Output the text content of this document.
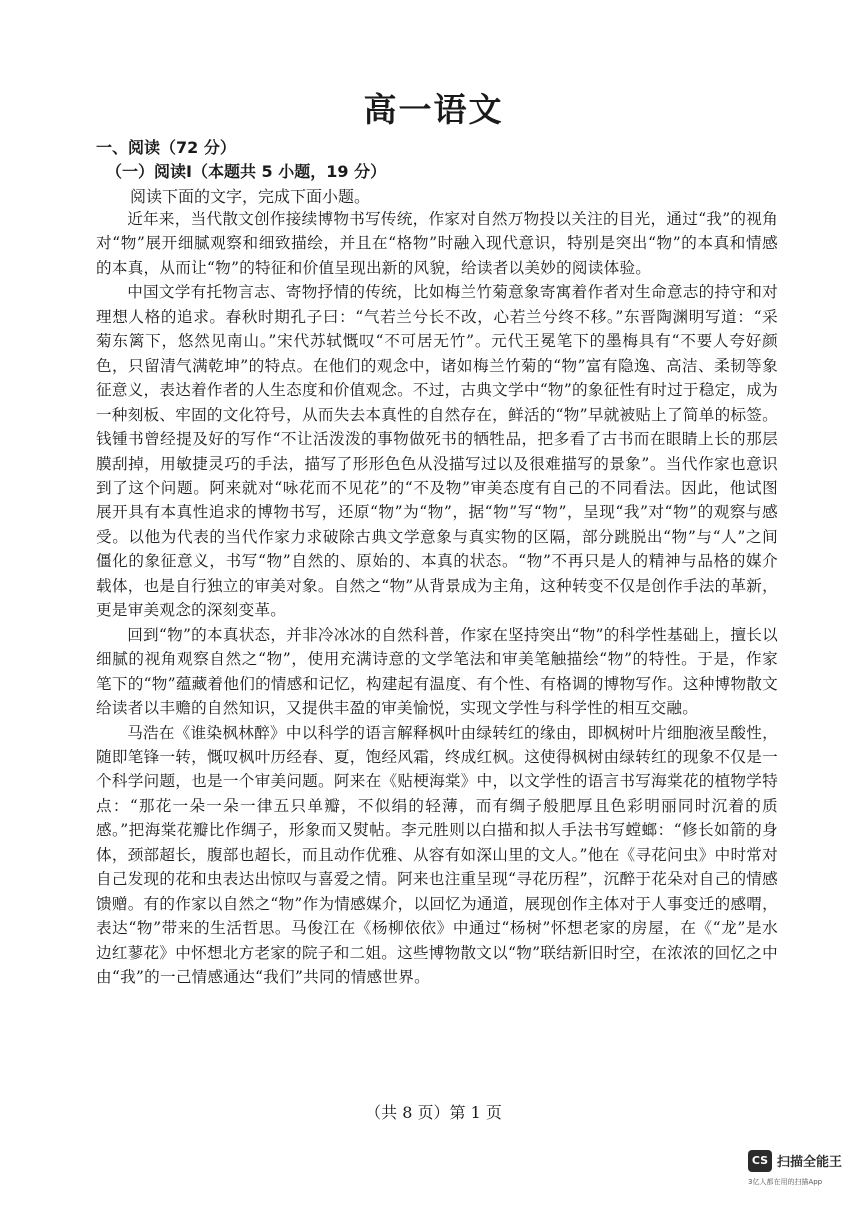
高一语文
一、阅读（72 分）
（一）阅读I（本题共 5 小题，19 分）
阅读下面的文字，完成下面小题。

近年来，当代散文创作接续博物书写传统，作家对自然万物投以关注的目光，通过“我”的视角对“物”展开细腻观察和细致描绘，并且在“格物”时融入现代意识，特别是突出“物”的本真和情感的本真，从而让“物”的特征和价值呈现出新的风貌，给读者以美妙的阅读体验。

中国文学有托物言志、寄物抒情的传统，比如梅兰竹菊意象寄寓着作者对生命意志的持守和对理想人格的追求。春秋时期孔子曰：“气若兰兮长不改，心若兰兮终不移。”东晋陶渊明写道：“采菊东篱下，悠然见南山。”宋代苏轼慨叹“不可居无竹”。元代王冕笔下的墨梅具有“不要人夸好颜色，只留清气满乾坤”的特点。在他们的观念中，诸如梅兰竹菊的“物”富有隐逸、高洁、柔韧等象征意义，表达着作者的人生态度和价值观念。不过，古典文学中“物”的象征性有时过于稳定，成为一种刻板、牢固的文化符号，从而失去本真性的自然存在，鲜活的“物”早就被贴上了简单的标签。钱锺书曾经提及好的写作“不让活泼泼的事物做死书的牺牲品，把多看了古书而在眼睛上长的那层膜刮掉，用敏捷灵巧的手法，描写了形形色色从没描写过以及很难描写的景象”。当代作家也意识到了这个问题。阿来就对“咏花而不见花”的“不及物”审美态度有自己的不同看法。因此，他试图展开具有本真性追求的博物书写，还原“物”为“物”，据“物”写“物”，呈现“我”对“物”的观察与感受。以他为代表的当代作家力求破除古典文学意象与真实物的区隔，部分跳脱出“物”与“人”之间僵化的象征意义，书写“物”自然的、原始的、本真的状态。“物”不再只是人的精神与品格的媒介载体，也是自行独立的审美对象。自然之“物”从背景成为主角，这种转变不仅是创作手法的革新，更是审美观念的深刻变革。

回到“物”的本真状态，并非冷冰冰的自然科普，作家在坚持突出“物”的科学性基础上，擅长以细腻的视角观察自然之“物”，使用充满诗意的文学笔法和审美笔触描绘“物”的特性。于是，作家笔下的“物”蕴藏着他们的情感和记忆，构建起有温度、有个性、有格调的博物写作。这种博物散文给读者以丰赡的自然知识，又提供丰盈的审美愉悦，实现文学性与科学性的相互交融。

马浩在《谁染枫林醉》中以科学的语言解释枫叶由绿转红的缘由，即枫树叶片细胞液呈酸性，随即笔锋一转，慨叹枫叶历经春、夏，饱经风霜，终成红枫。这使得枫树由绿转红的现象不仅是一个科学问题，也是一个审美问题。阿来在《贴梗海棠》中，以文学性的语言书写海棠花的植物学特点：“那花一朵一朵一律五只单瓣，不似绢的轻薄，而有绸子般肥厚且色彩明丽同时沉着的质感。”把海棠花瓣比作绸子，形象而又熨帖。李元胜则以白描和拟人手法书写螳螂：“修长如箭的身体，颈部超长，腹部也超长，而且动作优雅、从容有如深山里的文人。”他在《寻花问虫》中时常对自己发现的花和虫表达出惊叹与喜爱之情。阿来也注重呈现“寻花历程”，沉醉于花朵对自己的情感馈赠。有的作家以自然之“物”作为情感媒介，以回忆为通道，展现创作主体对于人事变迁的感喟，表达“物”带来的生活哲思。马俊江在《杨柳依依》中通过“杨树”怀想老家的房屋，在《“龙”是水边红蓼花》中怀想北方老家的院子和二姐。这些博物散文以“物”联结新旧时空，在浓浓的回忆之中由“我”的一己情感通达“我们”共同的情感世界。

（共 8 页）第 1 页
CS 扫描全能王
3亿人都在用的扫描App
